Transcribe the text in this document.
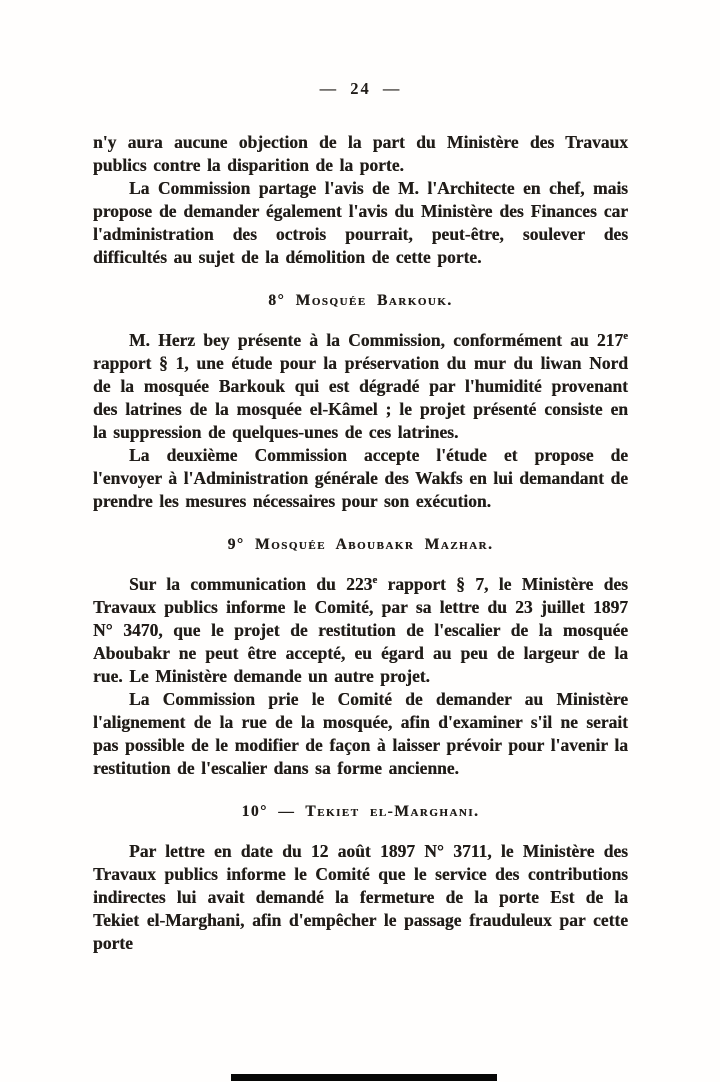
— 24 —

n'y aura aucune objection de la part du Ministère des Travaux publics contre la disparition de la porte.

La Commission partage l'avis de M. l'Architecte en chef, mais propose de demander également l'avis du Ministère des Finances car l'administration des octrois pourrait, peut-être, soulever des difficultés au sujet de la démolition de cette porte.

8° Mosquée Barkouk.

M. Herz bey présente à la Commission, conformément au 217e rapport § 1, une étude pour la préservation du mur du liwan Nord de la mosquée Barkouk qui est dégradé par l'humidité provenant des latrines de la mosquée el-Kâmel ; le projet présenté consiste en la suppression de quelques-unes de ces latrines.

La deuxième Commission accepte l'étude et propose de l'envoyer à l'Administration générale des Wakfs en lui demandant de prendre les mesures nécessaires pour son exécution.

9° Mosquée Aboubakr Mazhar.

Sur la communication du 223e rapport § 7, le Ministère des Travaux publics informe le Comité, par sa lettre du 23 juillet 1897 N° 3470, que le projet de restitution de l'escalier de la mosquée Aboubakr ne peut être accepté, eu égard au peu de largeur de la rue. Le Ministère demande un autre projet.

La Commission prie le Comité de demander au Ministère l'alignement de la rue de la mosquée, afin d'examiner s'il ne serait pas possible de le modifier de façon à laisser prévoir pour l'avenir la restitution de l'escalier dans sa forme ancienne.

10° — Tekiet el-Marghani.

Par lettre en date du 12 août 1897 N° 3711, le Ministère des Travaux publics informe le Comité que le service des contributions indirectes lui avait demandé la fermeture de la porte Est de la Tekiet el-Marghani, afin d'empêcher le passage frauduleux par cette porte
